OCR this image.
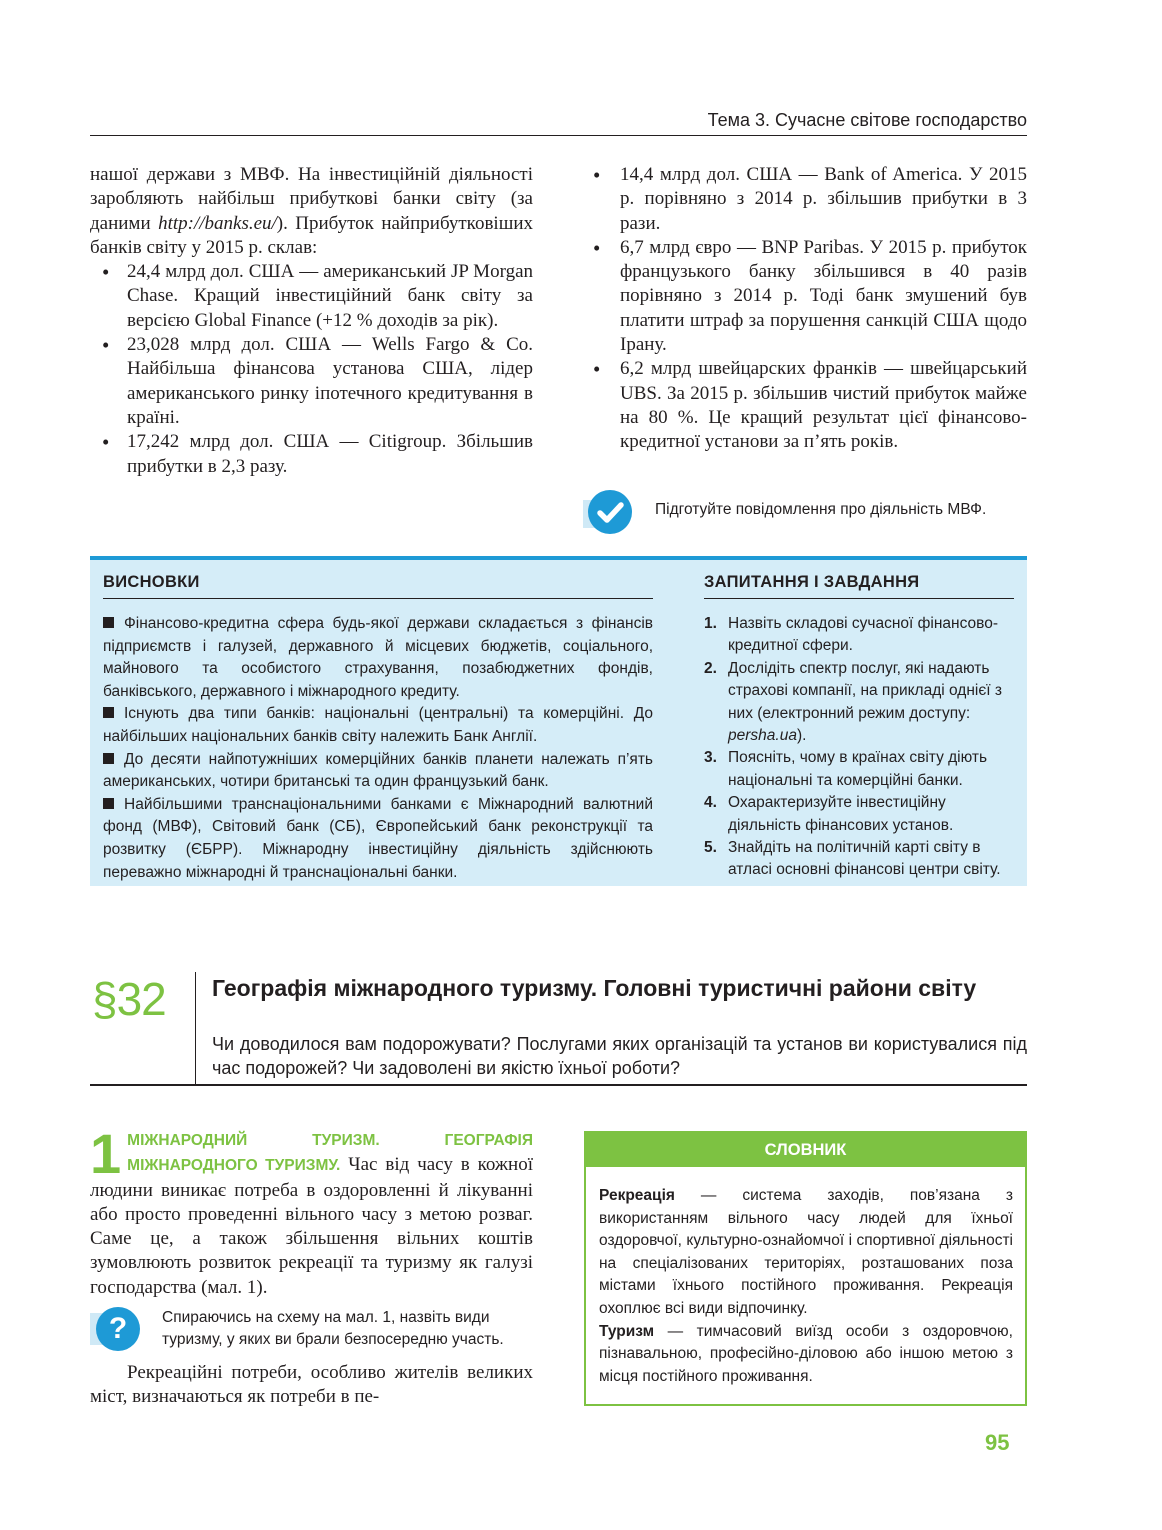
Тема 3. Сучасне світове господарство

нашої держави з МВФ. На інвестиційній діяльності заробляють найбільш прибуткові банки світу (за даними http://banks.eu/). Прибуток найприбутковіших банків світу у 2015 р. склав:

• 24,4 млрд дол. США — американський JP Morgan Chase. Кращий інвестиційний банк світу за версією Global Finance (+12 % доходів за рік).
• 23,028 млрд дол. США — Wells Fargo & Co. Найбільша фінансова установа США, лідер американського ринку іпотечного кредитування в країні.
• 17,242 млрд дол. США — Citigroup. Збільшив прибутки в 2,3 разу.
• 14,4 млрд дол. США — Bank of America. У 2015 р. порівняно з 2014 р. збільшив прибутки в 3 рази.
• 6,7 млрд євро — BNP Paribas. У 2015 р. прибуток французького банку збільшився в 40 разів порівняно з 2014 р. Тоді банк змушений був платити штраф за порушення санкцій США щодо Ірану.
• 6,2 млрд швейцарских франків — швейцарський UBS. За 2015 р. збільшив чистий прибуток майже на 80 %. Це кращий результат цієї фінансово-кредитної установи за п’ять років.
Підготуйте повідомлення про діяльність МВФ.
ВИСНОВКИ

Фінансово-кредитна сфера будь-якої держави складається з фінансів підприємств і галузей, державного й місцевих бюджетів, соціального, майнового та особистого страхування, позабюджетних фондів, банківського, державного і міжнародного кредиту.

Існують два типи банків: національні (центральні) та комерційні. До найбільших національних банків світу належить Банк Англії.

До десяти найпотужніших комерційних банків планети належать п’ять американських, чотири британські та один французький банк.

Найбільшими транснаціональними банками є Міжнародний валютний фонд (МВФ), Світовий банк (СБ), Європейський банк реконструкції та розвитку (ЄБРР). Міжнародну інвестиційну діяльність здійснюють переважно міжнародні й транснаціональні банки.

ЗАПИТАННЯ І ЗАВДАННЯ
1. Назвіть складові сучасної фінансово-кредитної сфери.
2. Дослідіть спектр послуг, які надають страхові компанії, на прикладі однієї з них (електронний режим доступу: persha.ua).
3. Поясніть, чому в країнах світу діють національні та комерційні банки.
4. Охарактеризуйте інвестиційну діяльність фінансових установ.
5. Знайдіть на політичній карті світу в атласі основні фінансові центри світу.
§32 Географія міжнародного туризму. Головні туристичні райони світу
Чи доводилося вам подорожувати? Послугами яких організацій та установ ви користувалися під час подорожей? Чи задоволені ви якістю їхньої роботи?
1 МІЖНАРОДНИЙ ТУРИЗМ. ГЕОГРАФІЯ МІЖНАРОДНОГО ТУРИЗМУ. Час від часу в кожної людини виникає потреба в оздоровленні й лікуванні або просто проведенні вільного часу з метою розваг. Саме це, а також збільшення вільних коштів зумовлюють розвиток рекреації та туризму як галузі господарства (мал. 1).
?	Спираючись на схему на мал. 1, назвіть види туризму, у яких ви брали безпосередню участь.
Рекреаційні потреби, особливо жителів великих міст, визначаються як потреби в пе-
СЛОВНИК

Рекреація — система заходів, пов’язана з використанням вільного часу людей для їхньої оздоровчої, культурно-ознайомчої і спортивної діяльності на спеціалізованих територіях, розташованих поза містами їхнього постійного проживання. Рекреація охоплює всі види відпочинку.

Туризм — тимчасовий виїзд особи з оздоровчою, пізнавальною, професійно-діловою або іншою метою з місця постійного проживання.

95
